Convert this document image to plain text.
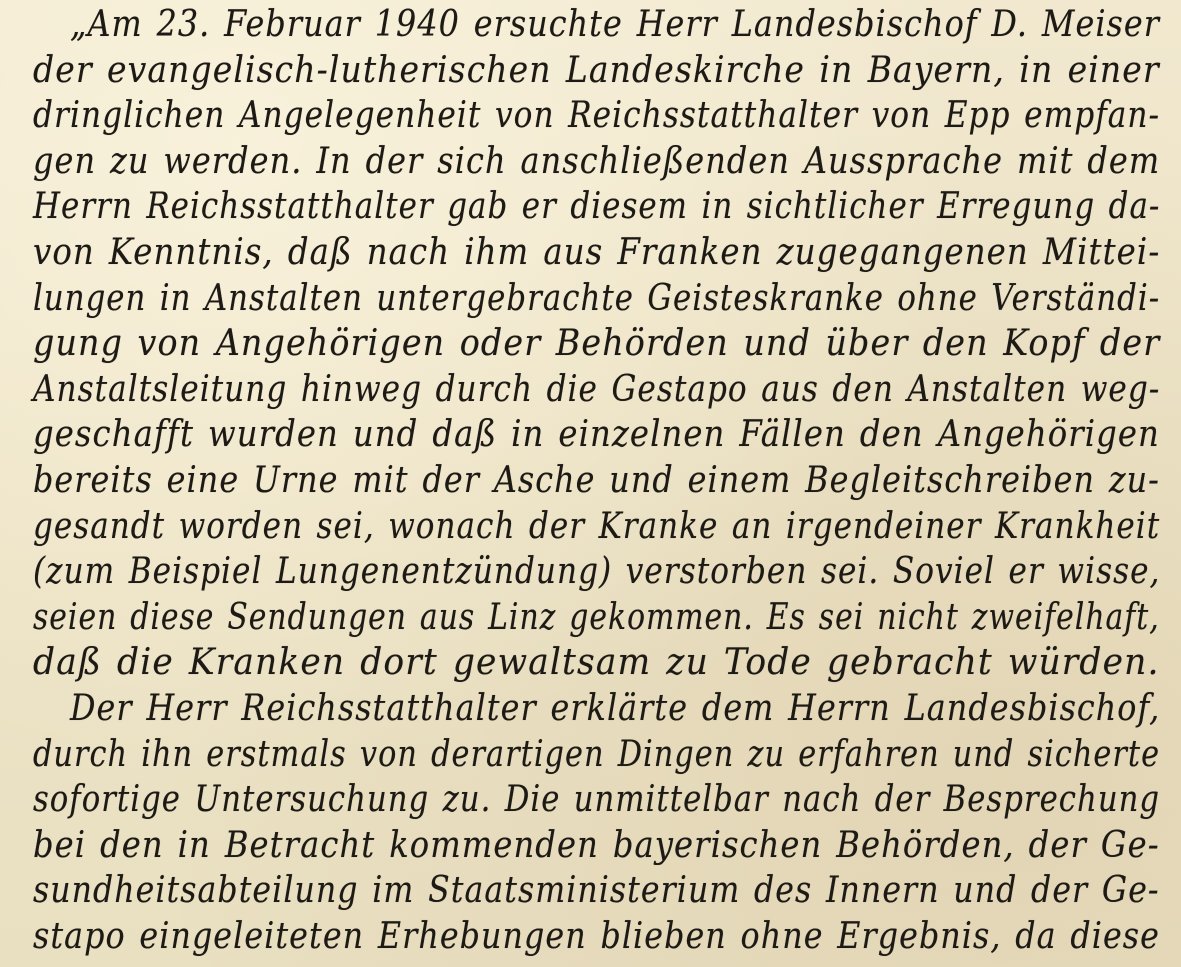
„Am 23. Februar 1940 ersuchte Herr Landesbischof D. Meiser
der evangelisch-lutherischen Landeskirche in Bayern, in einer
dringlichen Angelegenheit von Reichsstatthalter von Epp empfan-
gen zu werden. In der sich anschließenden Aussprache mit dem
Herrn Reichsstatthalter gab er diesem in sichtlicher Erregung da-
von Kenntnis, daß nach ihm aus Franken zugegangenen Mittei-
lungen in Anstalten untergebrachte Geisteskranke ohne Verständi-
gung von Angehörigen oder Behörden und über den Kopf der
Anstaltsleitung hinweg durch die Gestapo aus den Anstalten weg-
geschafft wurden und daß in einzelnen Fällen den Angehörigen
bereits eine Urne mit der Asche und einem Begleitschreiben zu-
gesandt worden sei, wonach der Kranke an irgendeiner Krankheit
(zum Beispiel Lungenentzündung) verstorben sei. Soviel er wisse,
seien diese Sendungen aus Linz gekommen. Es sei nicht zweifelhaft,
daß die Kranken dort gewaltsam zu Tode gebracht würden.
Der Herr Reichsstatthalter erklärte dem Herrn Landesbischof,
durch ihn erstmals von derartigen Dingen zu erfahren und sicherte
sofortige Untersuchung zu. Die unmittelbar nach der Besprechung
bei den in Betracht kommenden bayerischen Behörden, der Ge-
sundheitsabteilung im Staatsministerium des Innern und der Ge-
stapo eingeleiteten Erhebungen blieben ohne Ergebnis, da diese
